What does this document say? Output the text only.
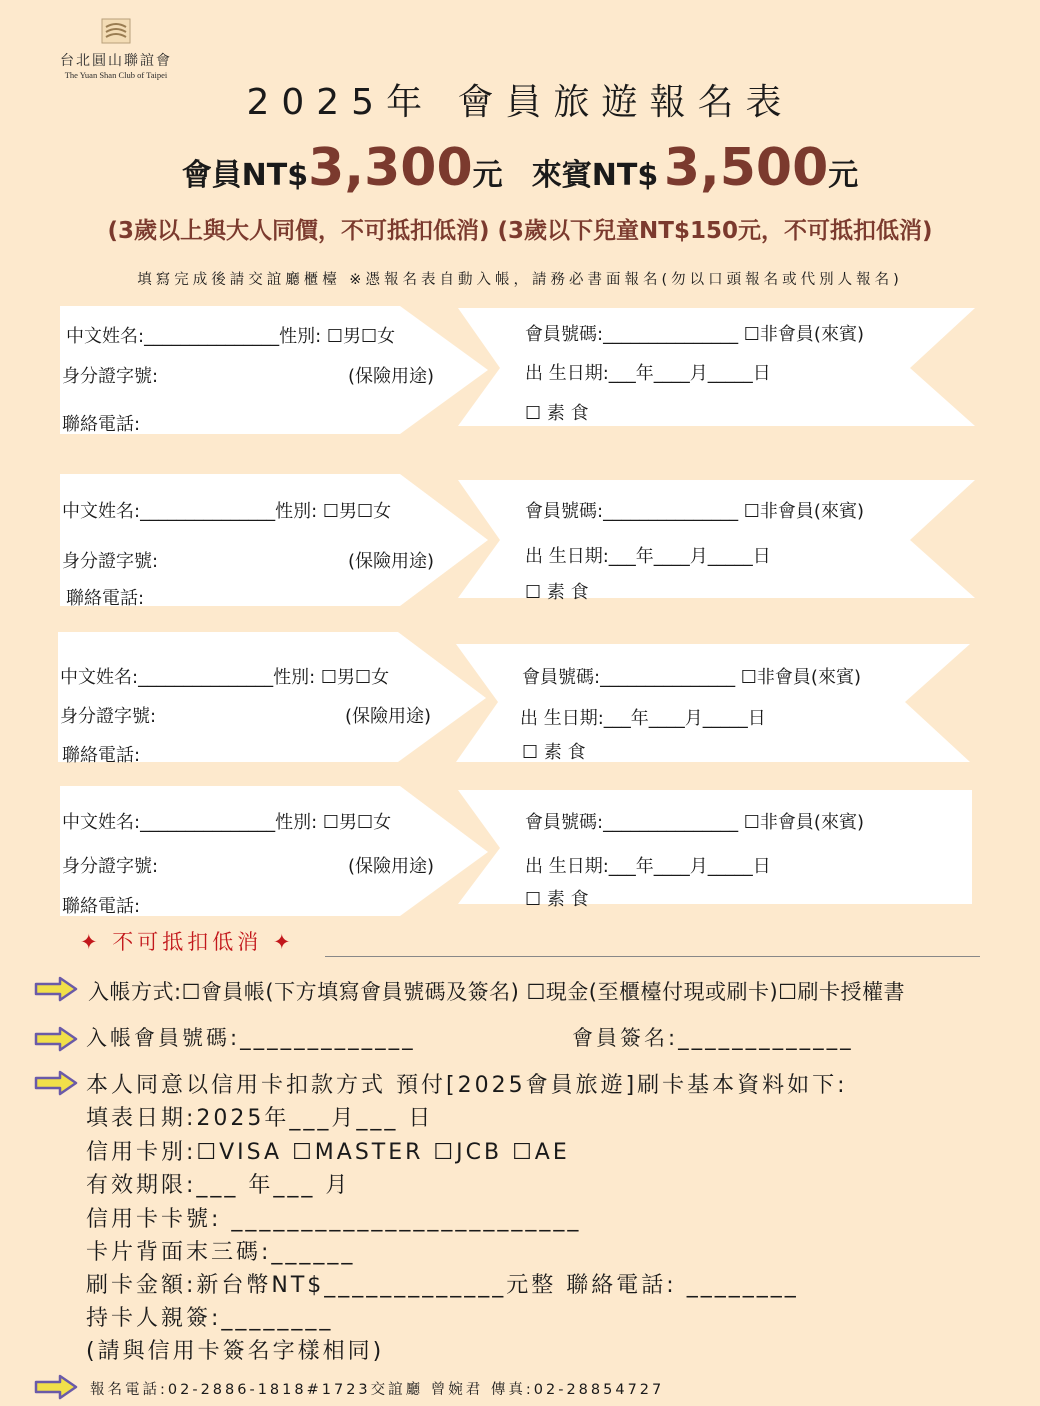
台北圓山聯誼會
The Yuan Shan Club of Taipei
2025年 會員旅遊報名表
會員NT$3,300元 來賓NT$ 3,500元
(3歲以上與大人同價，不可抵扣低消) (3歲以下兒童NT$150元，不可抵扣低消)
填寫完成後請交誼廳櫃檯 ※憑報名表自動入帳，請務必書面報名(勿以口頭報名或代別人報名)
中文姓名:_______________性別: ☐男☐女
身分證字號:	(保險用途)
聯絡電話:
會員號碼:_______________ ☐非會員(來賓)
出 生日期:___年____月_____日
☐ 素 食
中文姓名:_______________性別: ☐男☐女
身分證字號:	(保險用途)
聯絡電話:
會員號碼:_______________ ☐非會員(來賓)
出 生日期:___年____月_____日
☐ 素 食
中文姓名:_______________性別: ☐男☐女
身分證字號:	(保險用途)
聯絡電話:
會員號碼:_______________ ☐非會員(來賓)
出 生日期:___年____月_____日
☐ 素 食
中文姓名:_______________性別: ☐男☐女
身分證字號:	(保險用途)
聯絡電話:
會員號碼:_______________ ☐非會員(來賓)
出 生日期:___年____月_____日
☐ 素 食
✦ 不可抵扣低消 ✦
入帳方式:☐會員帳(下方填寫會員號碼及簽名) ☐現金(至櫃檯付現或刷卡)☐刷卡授權書
入帳會員號碼:_____________	會員簽名:_____________
本人同意以信用卡扣款方式 預付[2025會員旅遊]刷卡基本資料如下:
填表日期:2025年___月___ 日
信用卡別:☐VISA ☐MASTER ☐JCB ☐AE
有效期限:___ 年___ 月
信用卡卡號: _________________________
卡片背面末三碼:______
刷卡金額:新台幣NT$_____________元整 聯絡電話: ________
持卡人親簽:________
(請與信用卡簽名字樣相同)
報名電話:02-2886-1818#1723交誼廳 曾婉君 傳真:02-28854727
